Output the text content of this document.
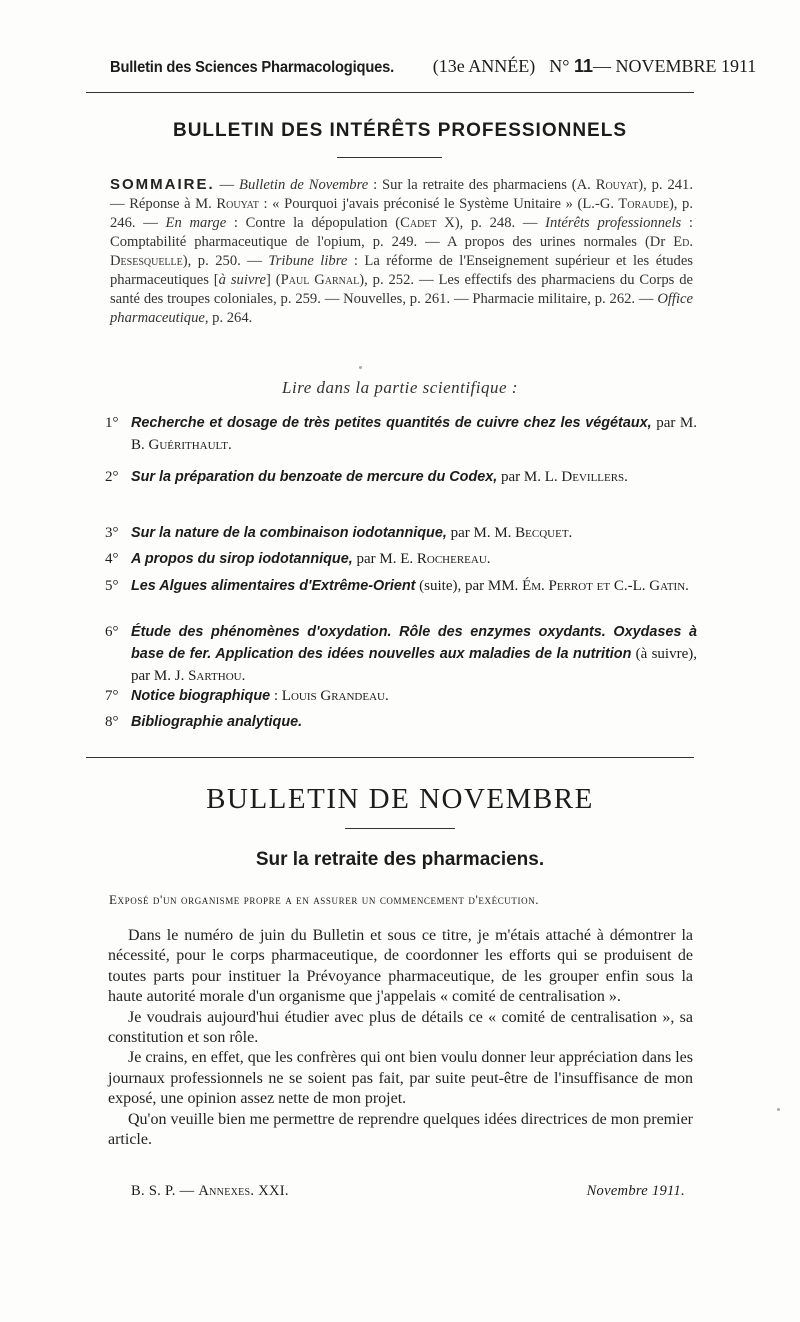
Bulletin des Sciences Pharmacologiques. (13e ANNÉE) N° 11— NOVEMBRE 1911
BULLETIN DES INTÉRÊTS PROFESSIONNELS
SOMMAIRE. — Bulletin de Novembre : Sur la retraite des pharmaciens (A. Rouyat), p. 241. — Réponse à M. Rouyat : « Pourquoi j'avais préconisé le Système Unitaire » (L.-G. Toraude), p. 246. — En marge : Contre la dépopulation (Cadet X), p. 248. — Intérêts professionnels : Comptabilité pharmaceutique de l'opium, p. 249. — A propos des urines normales (Dr Ed. Desesquelle), p. 250. — Tribune libre : La réforme de l'Enseignement supérieur et les études pharmaceutiques [à suivre] (Paul Garnal), p. 252. — Les effectifs des pharmaciens du Corps de santé des troupes coloniales, p. 259. — Nouvelles, p. 261. — Pharmacie militaire, p. 262. — Office pharmaceutique, p. 264.
Lire dans la partie scientifique :
1° Recherche et dosage de très petites quantités de cuivre chez les végétaux, par M. B. Guérithault.
2° Sur la préparation du benzoate de mercure du Codex, par M. L. Devillers.
3° Sur la nature de la combinaison iodotannique, par M. M. Becquet.
4° A propos du sirop iodotannique, par M. E. Rochereau.
5° Les Algues alimentaires d'Extrême-Orient (suite), par MM. Ém. Perrot et C.-L. Gatin.
6° Étude des phénomènes d'oxydation. Rôle des enzymes oxydants. Oxydases à base de fer. Application des idées nouvelles aux maladies de la nutrition (à suivre), par M. J. Sarthou.
7° Notice biographique : Louis Grandeau.
8° Bibliographie analytique.
BULLETIN DE NOVEMBRE
Sur la retraite des pharmaciens.
Exposé d'un organisme propre a en assurer un commencement d'exécution.

Dans le numéro de juin du Bulletin et sous ce titre, je m'étais attaché à démontrer la nécessité, pour le corps pharmaceutique, de coordonner les efforts qui se produisent de toutes parts pour instituer la Prévoyance pharmaceutique, de les grouper enfin sous la haute autorité morale d'un organisme que j'appelais « comité de centralisation ».

Je voudrais aujourd'hui étudier avec plus de détails ce « comité de centralisation », sa constitution et son rôle.

Je crains, en effet, que les confrères qui ont bien voulu donner leur appréciation dans les journaux professionnels ne se soient pas fait, par suite peut-être de l'insuffisance de mon exposé, une opinion assez nette de mon projet.

Qu'on veuille bien me permettre de reprendre quelques idées directrices de mon premier article.

B. S. P. — Annexes. XXI.	Novembre 1911.
